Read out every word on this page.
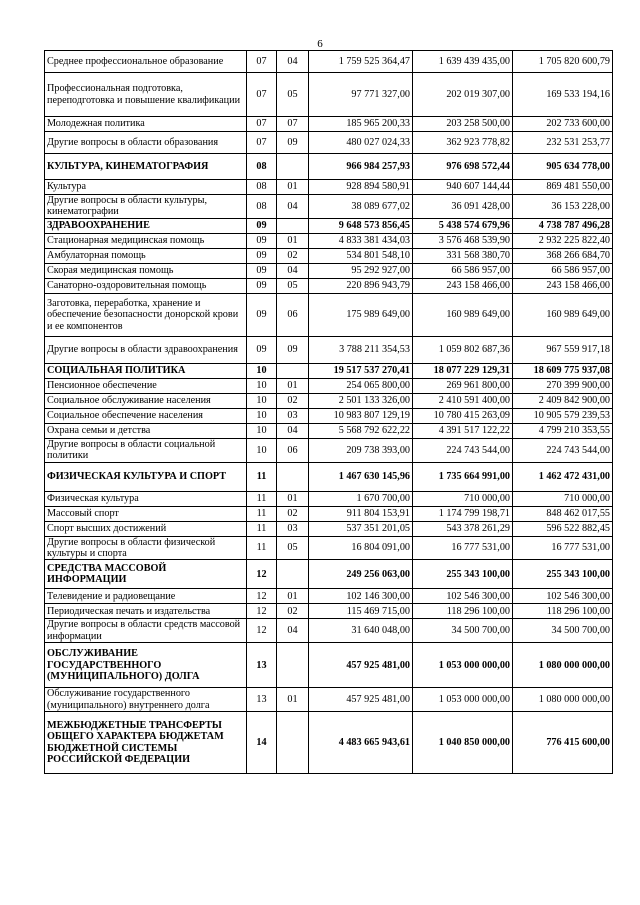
6
Среднее профессиональное образование	07	04	1 759 525 364,47	1 639 439 435,00	1 705 820 600,79
Профессиональная подготовка, переподготовка и повышение квалификации	07	05	97 771 327,00	202 019 307,00	169 533 194,16
Молодежная политика	07	07	185 965 200,33	203 258 500,00	202 733 600,00
Другие вопросы в области образования	07	09	480 027 024,33	362 923 778,82	232 531 253,77
КУЛЬТУРА, КИНЕМАТОГРАФИЯ	08		966 984 257,93	976 698 572,44	905 634 778,00
Культура	08	01	928 894 580,91	940 607 144,44	869 481 550,00
Другие вопросы в области культуры, кинематографии	08	04	38 089 677,02	36 091 428,00	36 153 228,00
ЗДРАВООХРАНЕНИЕ	09		9 648 573 856,45	5 438 574 679,96	4 738 787 496,28
Стационарная медицинская помощь	09	01	4 833 381 434,03	3 576 468 539,90	2 932 225 822,40
Амбулаторная помощь	09	02	534 801 548,10	331 568 380,70	368 266 684,70
Скорая медицинская помощь	09	04	95 292 927,00	66 586 957,00	66 586 957,00
Санаторно-оздоровительная помощь	09	05	220 896 943,79	243 158 466,00	243 158 466,00
Заготовка, переработка, хранение и обеспечение безопасности донорской крови и ее компонентов	09	06	175 989 649,00	160 989 649,00	160 989 649,00
Другие вопросы в области здравоохранения	09	09	3 788 211 354,53	1 059 802 687,36	967 559 917,18
СОЦИАЛЬНАЯ ПОЛИТИКА	10		19 517 537 270,41	18 077 229 129,31	18 609 775 937,08
Пенсионное обеспечение	10	01	254 065 800,00	269 961 800,00	270 399 900,00
Социальное обслуживание населения	10	02	2 501 133 326,00	2 410 591 400,00	2 409 842 900,00
Социальное обеспечение населения	10	03	10 983 807 129,19	10 780 415 263,09	10 905 579 239,53
Охрана семьи и детства	10	04	5 568 792 622,22	4 391 517 122,22	4 799 210 353,55
Другие вопросы в области социальной политики	10	06	209 738 393,00	224 743 544,00	224 743 544,00
ФИЗИЧЕСКАЯ КУЛЬТУРА И СПОРТ	11		1 467 630 145,96	1 735 664 991,00	1 462 472 431,00
Физическая культура	11	01	1 670 700,00	710 000,00	710 000,00
Массовый спорт	11	02	911 804 153,91	1 174 799 198,71	848 462 017,55
Спорт высших достижений	11	03	537 351 201,05	543 378 261,29	596 522 882,45
Другие вопросы в области физической культуры и спорта	11	05	16 804 091,00	16 777 531,00	16 777 531,00
СРЕДСТВА МАССОВОЙ ИНФОРМАЦИИ	12		249 256 063,00	255 343 100,00	255 343 100,00
Телевидение и радиовещание	12	01	102 146 300,00	102 546 300,00	102 546 300,00
Периодическая печать и издательства	12	02	115 469 715,00	118 296 100,00	118 296 100,00
Другие вопросы в области средств массовой информации	12	04	31 640 048,00	34 500 700,00	34 500 700,00
ОБСЛУЖИВАНИЕ ГОСУДАРСТВЕННОГО (МУНИЦИПАЛЬНОГО) ДОЛГА	13		457 925 481,00	1 053 000 000,00	1 080 000 000,00
Обслуживание государственного (муниципального) внутреннего долга	13	01	457 925 481,00	1 053 000 000,00	1 080 000 000,00
МЕЖБЮДЖЕТНЫЕ ТРАНСФЕРТЫ ОБЩЕГО ХАРАКТЕРА БЮДЖЕТАМ БЮДЖЕТНОЙ СИСТЕМЫ РОССИЙСКОЙ ФЕДЕРАЦИИ	14		4 483 665 943,61	1 040 850 000,00	776 415 600,00
